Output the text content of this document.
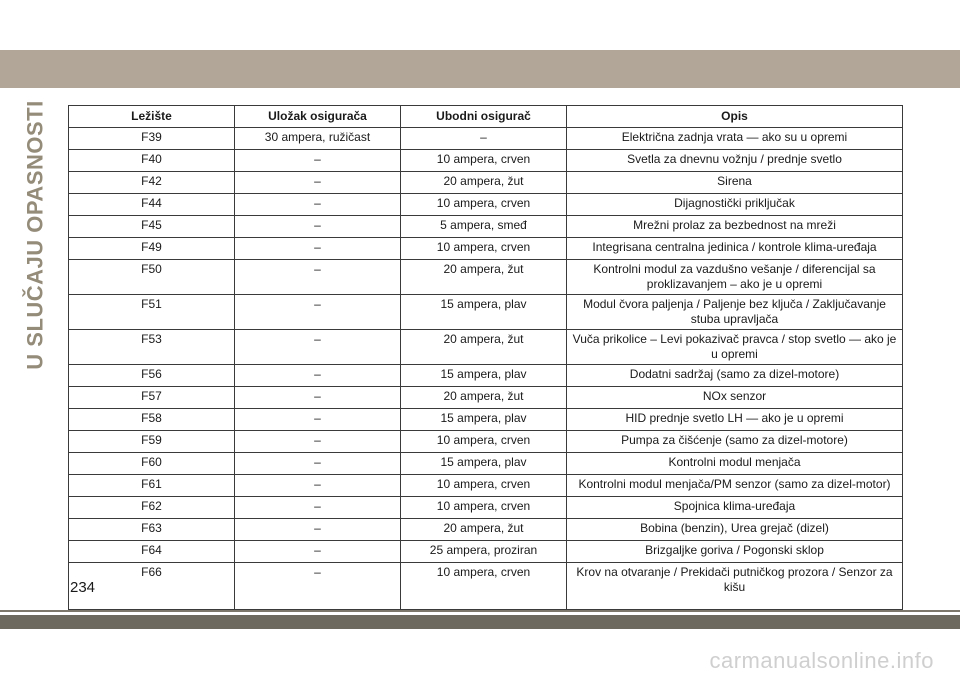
U SLUČAJU OPASNOSTI	Ležište	Uložak osigurača	Ubodni osigurač	Opis
F39	30 ampera, ružičast	–	Električna zadnja vrata — ako su u opremi
F40	–	10 ampera, crven	Svetla za dnevnu vožnju / prednje svetlo
F42	–	20 ampera, žut	Sirena
F44	–	10 ampera, crven	Dijagnostički priključak
F45	–	5 ampera, smeđ	Mrežni prolaz za bezbednost na mreži
F49	–	10 ampera, crven	Integrisana centralna jedinica / kontrole klima-uređaja
F50	–	20 ampera, žut	Kontrolni modul za vazdušno vešanje / diferencijal sa proklizavanjem – ako je u opremi
F51	–	15 ampera, plav	Modul čvora paljenja / Paljenje bez ključa / Zaključavanje stuba upravljača
F53	–	20 ampera, žut	Vuča prikolice – Levi pokazivač pravca / stop svetlo — ako je u opremi
F56	–	15 ampera, plav	Dodatni sadržaj (samo za dizel-motore)
F57	–	20 ampera, žut	NOx senzor
F58	–	15 ampera, plav	HID prednje svetlo LH — ako je u opremi
F59	–	10 ampera, crven	Pumpa za čišćenje (samo za dizel-motore)
F60	–	15 ampera, plav	Kontrolni modul menjača
F61	–	10 ampera, crven	Kontrolni modul menjača/PM senzor (samo za dizel-motor)
F62	–	10 ampera, crven	Spojnica klima-uređaja
F63	–	20 ampera, žut	Bobina (benzin), Urea grejač (dizel)
F64	–	25 ampera, proziran	Brizgaljke goriva / Pogonski sklop
F66	–	10 ampera, crven	Krov na otvaranje / Prekidači putničkog prozora / Senzor za kišu
234
carmanualsonline.info
